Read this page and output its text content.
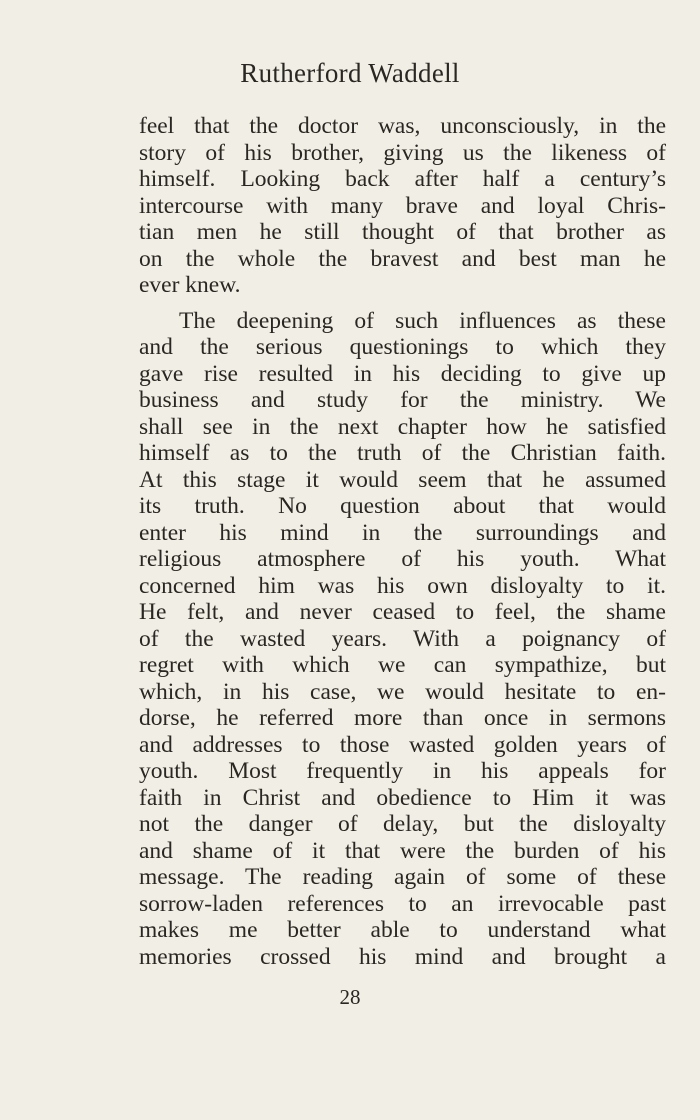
Rutherford Waddell
feel that the doctor was, unconsciously, in the
story of his brother, giving us the likeness of
himself. Looking back after half a century’s
intercourse with many brave and loyal Chris-
tian men he still thought of that brother as
on the whole the bravest and best man he
ever knew.
The deepening of such influences as these
and the serious questionings to which they
gave rise resulted in his deciding to give up
business and study for the ministry. We
shall see in the next chapter how he satisfied
himself as to the truth of the Christian faith.
At this stage it would seem that he assumed
its truth. No question about that would
enter his mind in the surroundings and
religious atmosphere of his youth. What
concerned him was his own disloyalty to it.
He felt, and never ceased to feel, the shame
of the wasted years. With a poignancy of
regret with which we can sympathize, but
which, in his case, we would hesitate to en-
dorse, he referred more than once in sermons
and addresses to those wasted golden years of
youth. Most frequently in his appeals for
faith in Christ and obedience to Him it was
not the danger of delay, but the disloyalty
and shame of it that were the burden of his
message. The reading again of some of these
sorrow-laden references to an irrevocable past
makes me better able to understand what
memories crossed his mind and brought a
28
